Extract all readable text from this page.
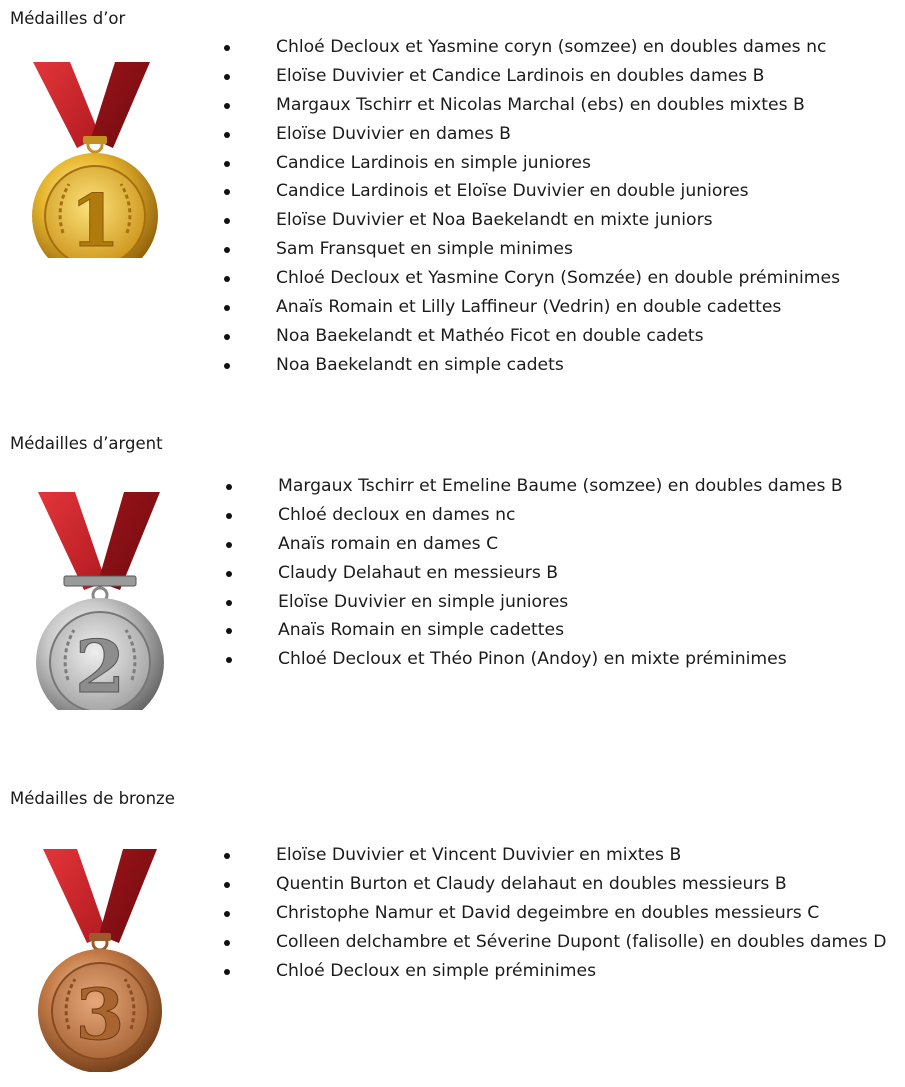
Médailles d’or
1
Chloé Decloux et Yasmine coryn (somzee) en doubles dames nc
Eloïse Duvivier et Candice Lardinois en doubles dames B
Margaux Tschirr et Nicolas Marchal (ebs) en doubles mixtes B
Eloïse Duvivier en dames B
Candice Lardinois en simple juniores
Candice Lardinois et Eloïse Duvivier en double juniores
Eloïse Duvivier et Noa Baekelandt en mixte juniors
Sam Fransquet en simple minimes
Chloé Decloux et Yasmine Coryn (Somzée) en double préminimes
Anaïs Romain et Lilly Laffineur (Vedrin) en double cadettes
Noa Baekelandt et Mathéo Ficot en double cadets
Noa Baekelandt en simple cadets
Médailles d’argent
2
Margaux Tschirr et Emeline Baume (somzee) en doubles dames B
Chloé decloux en dames nc
Anaïs romain en dames C
Claudy Delahaut en messieurs B
Eloïse Duvivier en simple juniores
Anaïs Romain en simple cadettes
Chloé Decloux et Théo Pinon (Andoy) en mixte préminimes
Médailles de bronze
3
Eloïse Duvivier et Vincent Duvivier en mixtes B
Quentin Burton et Claudy delahaut en doubles messieurs B
Christophe Namur et David degeimbre en doubles messieurs C
Colleen delchambre et Séverine Dupont (falisolle) en doubles dames D
Chloé Decloux en simple préminimes
